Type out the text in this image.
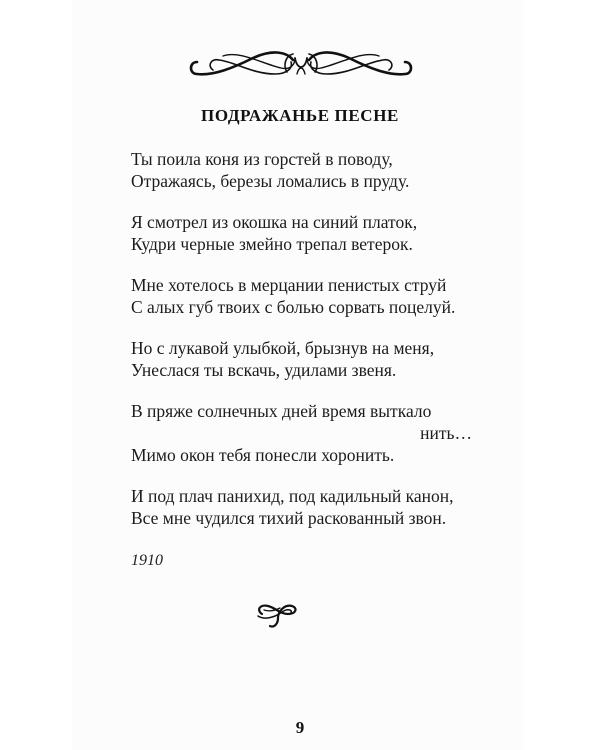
ПОДРАЖАНЬЕ ПЕСНЕ
Ты поила коня из горстей в поводу,
Отражаясь, березы ломались в пруду.
Я смотрел из окошка на синий платок,
Кудри черные змейно трепал ветерок.
Мне хотелось в мерцании пенистых струй
С алых губ твоих с болью сорвать поцелуй.
Но с лукавой улыбкой, брызнув на меня,
Унеслася ты вскачь, удилами звеня.
В пряже солнечных дней время выткало
нить…
Мимо окон тебя понесли хоронить.
И под плач панихид, под кадильный канон,
Все мне чудился тихий раскованный звон.
1910
9
